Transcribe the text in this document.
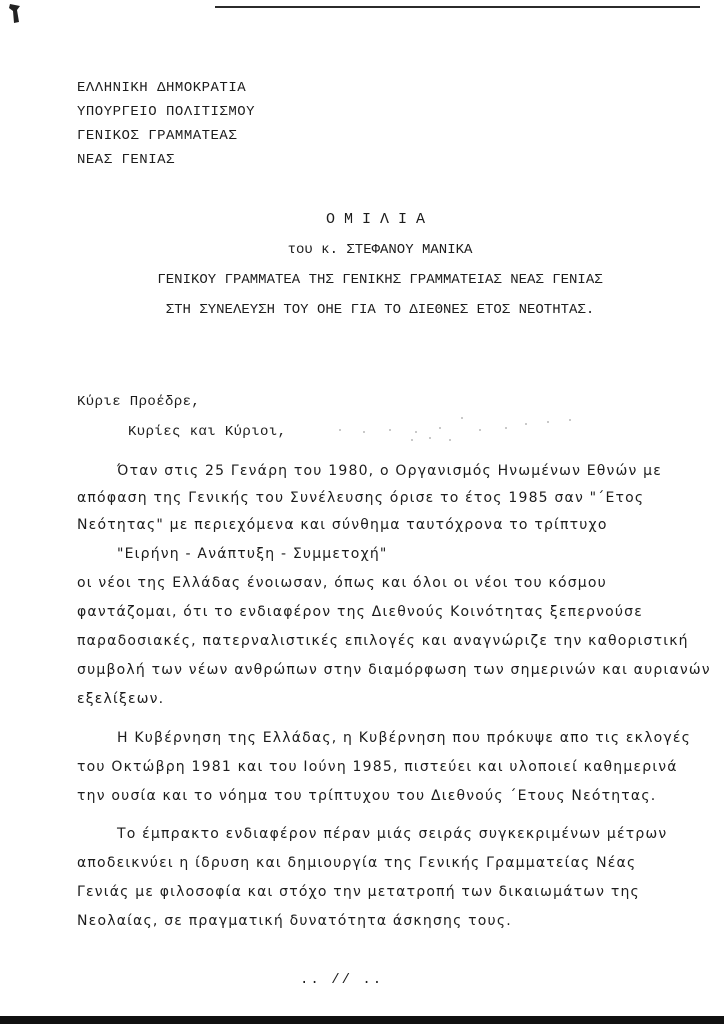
ΕΛΛΗΝΙΚΗ ΔΗΜΟΚΡΑΤΙΑ
ΥΠΟΥΡΓΕΙΟ ΠΟΛΙΤΙΣΜΟΥ
ΓΕΝΙΚΟΣ ΓΡΑΜΜΑΤΕΑΣ
ΝΕΑΣ ΓΕΝΙΑΣ
ΟΜΙΛΙΑ
του κ. ΣΤΕΦΑΝΟΥ ΜΑΝΙΚΑ
ΓΕΝΙΚΟΥ ΓΡΑΜΜΑΤΕΑ ΤΗΣ ΓΕΝΙΚΗΣ ΓΡΑΜΜΑΤΕΙΑΣ ΝΕΑΣ ΓΕΝΙΑΣ
ΣΤΗ ΣΥΝΕΛΕΥΣΗ ΤΟΥ ΟΗΕ ΓΙΑ ΤΟ ΔΙΕΘΝΕΣ ΕΤΟΣ ΝΕΟΤΗΤΑΣ.
Κύριε Προέδρε,
Κυρίες και Κύριοι,
Όταν στις 25 Γενάρη του 1980, ο Οργανισμός Ηνωμένων Εθνών με
απόφαση της Γενικής του Συνέλευσης όρισε το έτος 1985 σαν "΄Ετος
Νεότητας" με περιεχόμενα και σύνθημα ταυτόχρονα το τρίπτυχο
"Ειρήνη - Ανάπτυξη - Συμμετοχή"
οι νέοι της Ελλάδας ένοιωσαν, όπως και όλοι οι νέοι του κόσμου
φαντάζομαι, ότι το ενδιαφέρον της Διεθνούς Κοινότητας ξεπερνούσε
παραδοσιακές, πατερναλιστικές επιλογές και αναγνώριζε την καθοριστική
συμβολή των νέων ανθρώπων στην διαμόρφωση των σημερινών και αυριανών
εξελίξεων.
Η Κυβέρνηση της Ελλάδας, η Κυβέρνηση που πρόκυψε απο τις εκλογές
του Οκτώβρη 1981 και του Ιούνη 1985, πιστεύει και υλοποιεί καθημερινά
την ουσία και το νόημα του τρίπτυχου του Διεθνούς ΄Ετους Νεότητας.
Το έμπρακτο ενδιαφέρον πέραν μιάς σειράς συγκεκριμένων μέτρων
αποδεικνύει η ίδρυση και δημιουργία της Γενικής Γραμματείας Νέας
Γενιάς με φιλοσοφία και στόχο την μετατροπή των δικαιωμάτων της
Νεολαίας, σε πραγματική δυνατότητα άσκησης τους.
.. // ..
